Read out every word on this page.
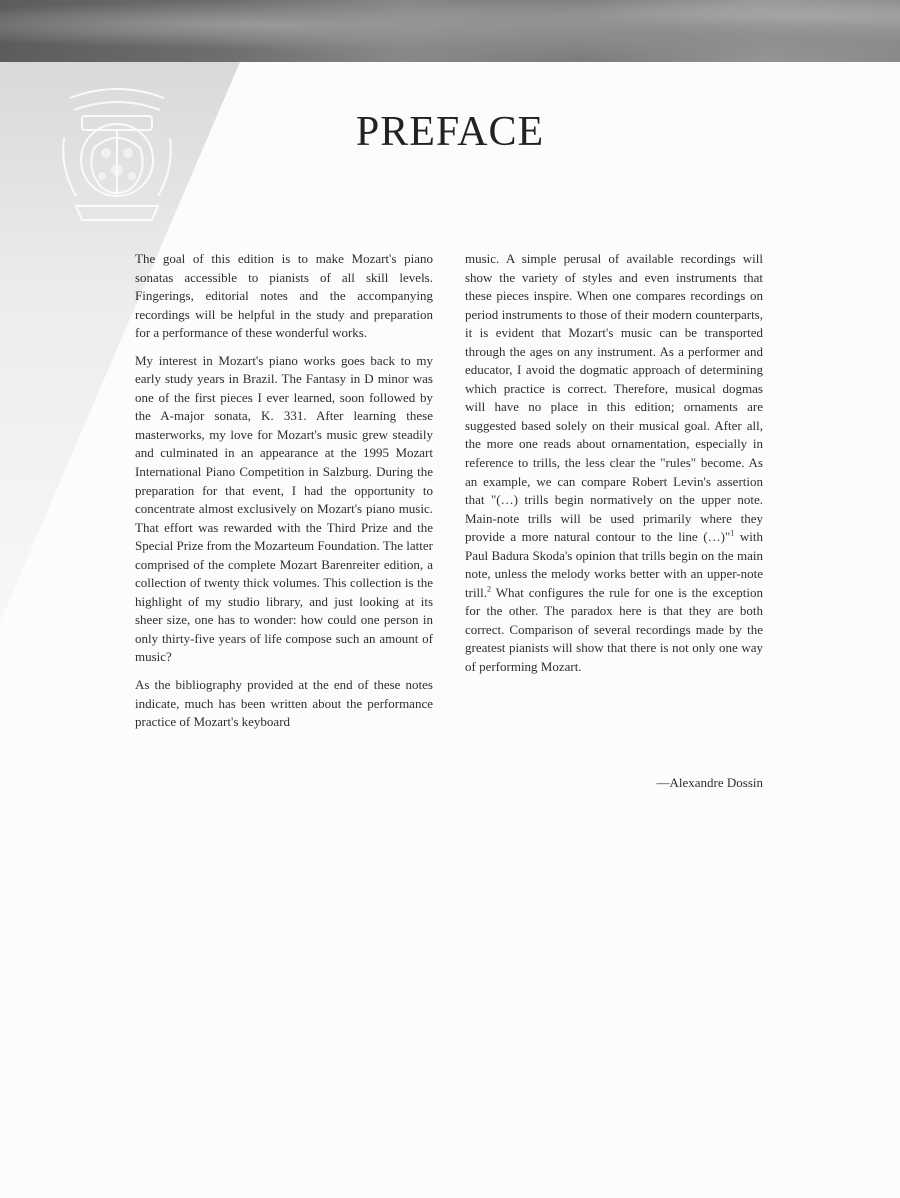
PREFACE

The goal of this edition is to make Mozart's piano sonatas accessible to pianists of all skill levels. Fingerings, editorial notes and the accompanying recordings will be helpful in the study and preparation for a performance of these wonderful works.

My interest in Mozart's piano works goes back to my early study years in Brazil. The Fantasy in D minor was one of the first pieces I ever learned, soon followed by the A-major sonata, K. 331. After learning these masterworks, my love for Mozart's music grew steadily and culminated in an appearance at the 1995 Mozart International Piano Competition in Salzburg. During the preparation for that event, I had the opportunity to concentrate almost exclusively on Mozart's piano music. That effort was rewarded with the Third Prize and the Special Prize from the Mozarteum Foundation. The latter comprised of the complete Mozart Barenreiter edition, a collection of twenty thick volumes. This collection is the highlight of my studio library, and just looking at its sheer size, one has to wonder: how could one person in only thirty-five years of life compose such an amount of music?

As the bibliography provided at the end of these notes indicate, much has been written about the performance practice of Mozart's keyboard

music. A simple perusal of available recordings will show the variety of styles and even instruments that these pieces inspire. When one compares recordings on period instruments to those of their modern counterparts, it is evident that Mozart's music can be transported through the ages on any instrument. As a performer and educator, I avoid the dogmatic approach of determining which practice is correct. Therefore, musical dogmas will have no place in this edition; ornaments are suggested based solely on their musical goal. After all, the more one reads about ornamentation, especially in reference to trills, the less clear the "rules" become. As an example, we can compare Robert Levin's assertion that "(…) trills begin normatively on the upper note. Main-note trills will be used primarily where they provide a more natural contour to the line (…)"$^1$ with Paul Badura Skoda's opinion that trills begin on the main note, unless the melody works better with an upper-note trill.$^2$ What configures the rule for one is the exception for the other. The paradox here is that they are both correct. Comparison of several recordings made by the greatest pianists will show that there is not only one way of performing Mozart.

—Alexandre Dossin
